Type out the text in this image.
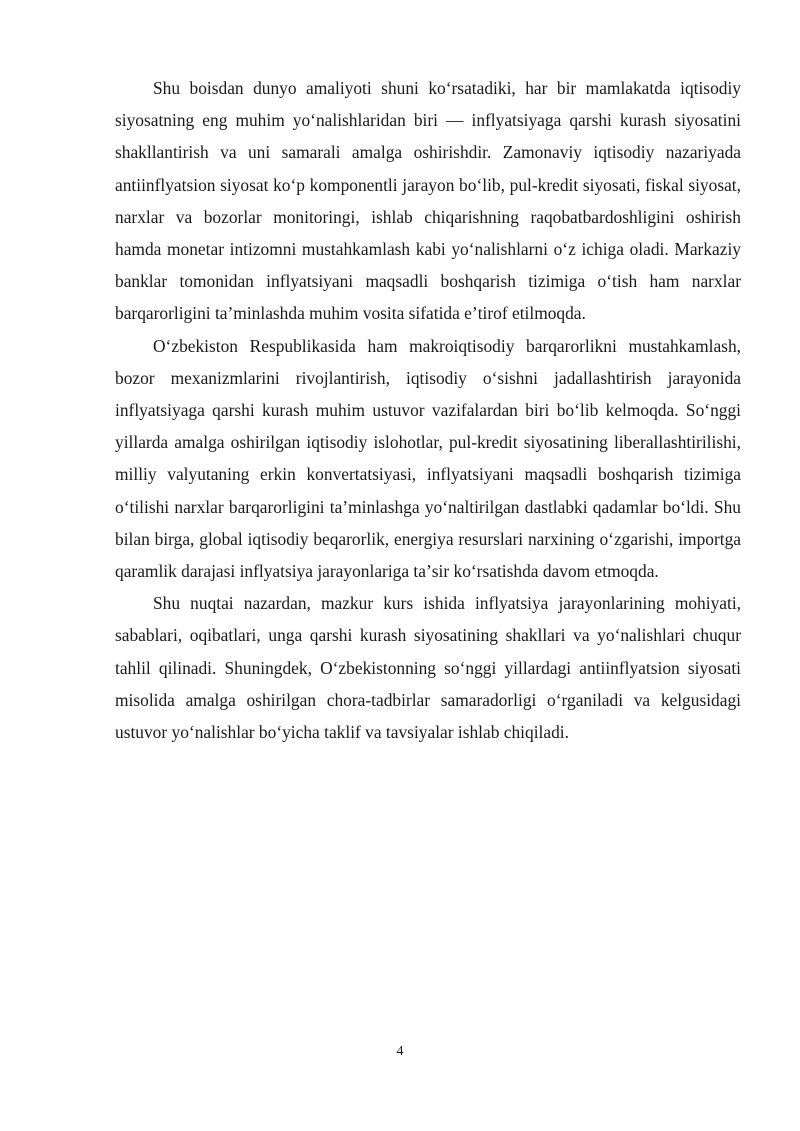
Shu boisdan dunyo amaliyoti shuni koʻrsatadiki, har bir mamlakatda iqtisodiy siyosatning eng muhim yoʻnalishlaridan biri — inflyatsiyaga qarshi kurash siyosatini shakllantirish va uni samarali amalga oshirishdir. Zamonaviy iqtisodiy nazariyada antiinflyatsion siyosat koʻp komponentli jarayon boʻlib, pul-kredit siyosati, fiskal siyosat, narxlar va bozorlar monitoringi, ishlab chiqarishning raqobatbardoshligini oshirish hamda monetar intizomni mustahkamlash kabi yoʻnalishlarni oʻz ichiga oladi. Markaziy banklar tomonidan inflyatsiyani maqsadli boshqarish tizimiga oʻtish ham narxlar barqarorligini taʼminlashda muhim vosita sifatida eʼtirof etilmoqda.

Oʻzbekiston Respublikasida ham makroiqtisodiy barqarorlikni mustahkamlash, bozor mexanizmlarini rivojlantirish, iqtisodiy oʻsishni jadallashtirish jarayonida inflyatsiyaga qarshi kurash muhim ustuvor vazifalardan biri boʻlib kelmoqda. Soʻnggi yillarda amalga oshirilgan iqtisodiy islohotlar, pul-kredit siyosatining liberallashtirilishi, milliy valyutaning erkin konvertatsiyasi, inflyatsiyani maqsadli boshqarish tizimiga oʻtilishi narxlar barqarorligini taʼminlashga yoʻnaltirilgan dastlabki qadamlar boʻldi. Shu bilan birga, global iqtisodiy beqarorlik, energiya resurslari narxining oʻzgarishi, importga qaramlik darajasi inflyatsiya jarayonlariga taʼsir koʻrsatishda davom etmoqda.

Shu nuqtai nazardan, mazkur kurs ishida inflyatsiya jarayonlarining mohiyati, sabablari, oqibatlari, unga qarshi kurash siyosatining shakllari va yoʻnalishlari chuqur tahlil qilinadi. Shuningdek, Oʻzbekistonning soʻnggi yillardagi antiinflyatsion siyosati misolida amalga oshirilgan chora-tadbirlar samaradorligi oʻrganiladi va kelgusidagi ustuvor yoʻnalishlar boʻyicha taklif va tavsiyalar ishlab chiqiladi.

4
